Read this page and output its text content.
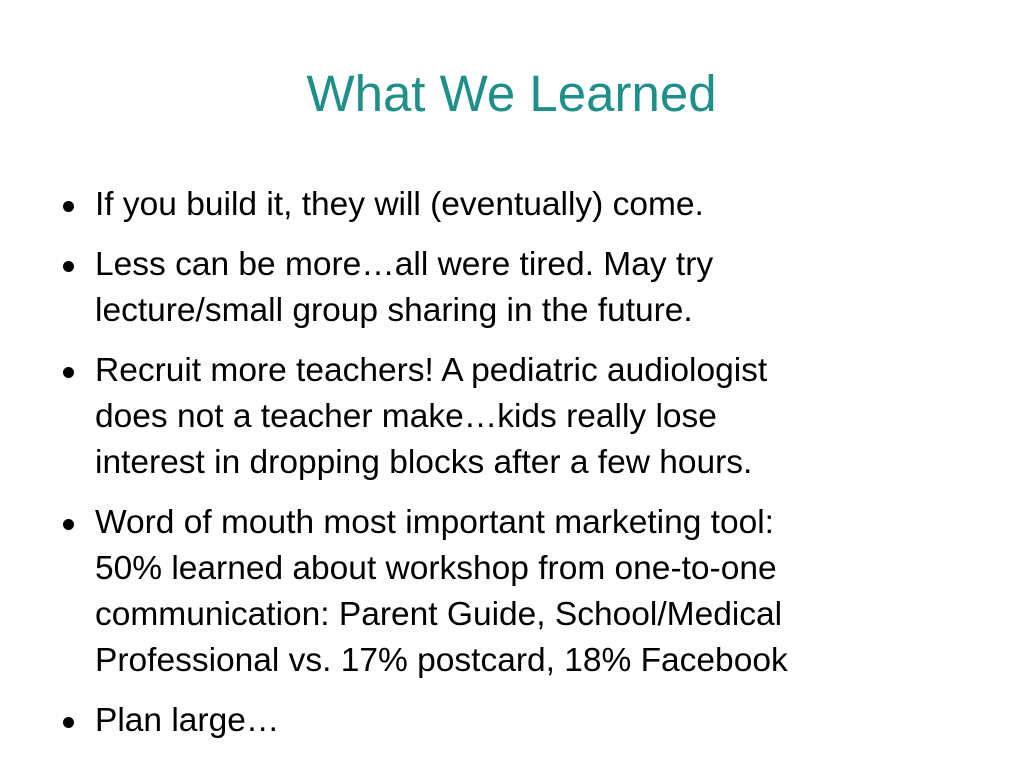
What We Learned
If you build it, they will (eventually) come.
Less can be more…all were tired. May try
lecture/small group sharing in the future.
Recruit more teachers! A pediatric audiologist
does not a teacher make…kids really lose
interest in dropping blocks after a few hours.
Word of mouth most important marketing tool:
50% learned about workshop from one-to-one
communication: Parent Guide, School/Medical
Professional vs. 17% postcard, 18% Facebook
Plan large…
